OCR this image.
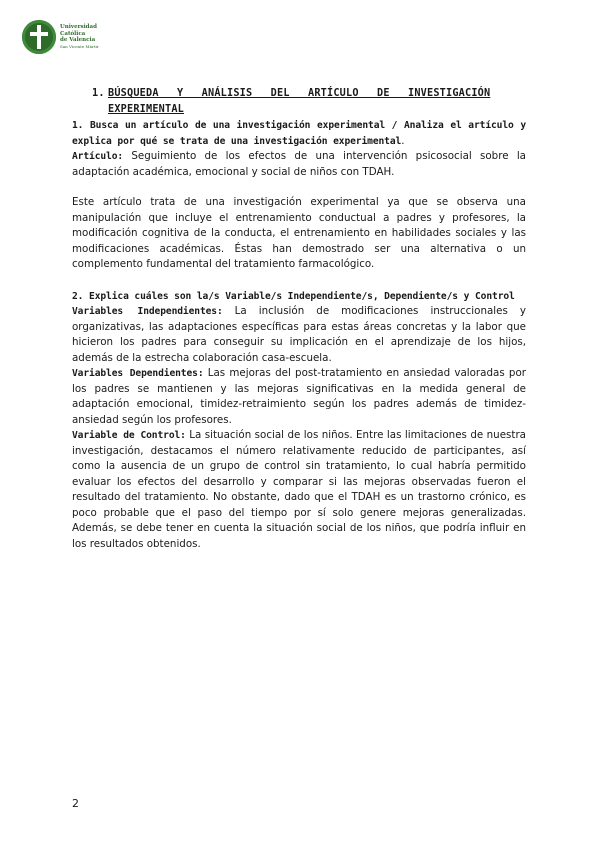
Universidad
Católica
de Valencia
San Vicente Mártir
1. BÚSQUEDA Y ANÁLISIS DEL ARTÍCULO DE INVESTIGACIÓN EXPERIMENTAL

1. Busca un artículo de una investigación experimental / Analiza el artículo y explica por qué se trata de una investigación experimental.

Artículo: Seguimiento de los efectos de una intervención psicosocial sobre la adaptación académica, emocional y social de niños con TDAH.

Este artículo trata de una investigación experimental ya que se observa una manipulación que incluye el entrenamiento conductual a padres y profesores, la modificación cognitiva de la conducta, el entrenamiento en habilidades sociales y las modificaciones académicas. Éstas han demostrado ser una alternativa o un complemento fundamental del tratamiento farmacológico.

2. Explica cuáles son la/s Variable/s Independiente/s, Dependiente/s y Control

Variables Independientes: La inclusión de modificaciones instruccionales y organizativas, las adaptaciones específicas para estas áreas concretas y la labor que hicieron los padres para conseguir su implicación en el aprendizaje de los hijos, además de la estrecha colaboración casa-escuela.

Variables Dependientes: Las mejoras del post-tratamiento en ansiedad valoradas por los padres se mantienen y las mejoras significativas en la medida general de adaptación emocional, timidez-retraimiento según los padres además de timidez-ansiedad según los profesores.

Variable de Control: La situación social de los niños. Entre las limitaciones de nuestra investigación, destacamos el número relativamente reducido de participantes, así como la ausencia de un grupo de control sin tratamiento, lo cual habría permitido evaluar los efectos del desarrollo y comparar si las mejoras observadas fueron el resultado del tratamiento. No obstante, dado que el TDAH es un trastorno crónico, es poco probable que el paso del tiempo por sí solo genere mejoras generalizadas. Además, se debe tener en cuenta la situación social de los niños, que podría influir en los resultados obtenidos.

2
